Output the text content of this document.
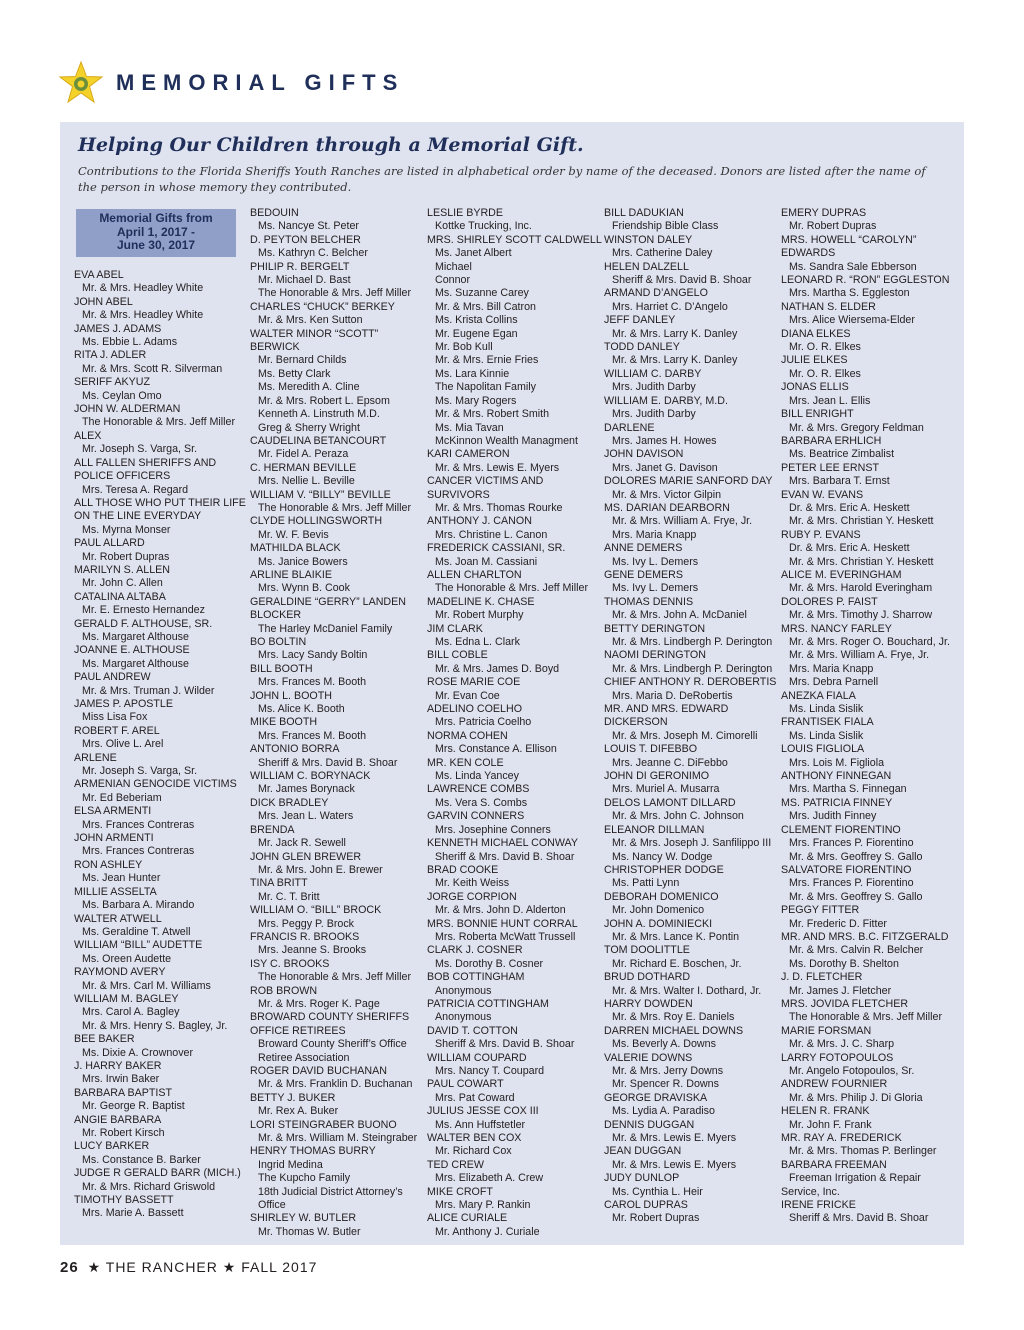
MEMORIAL GIFTS
Helping Our Children through a Memorial Gift.
Contributions to the Florida Sheriffs Youth Ranches are listed in alphabetical order by name of the deceased. Donors are listed after the name of the person in whose memory they contributed.
Memorial Gifts from
April 1, 2017 -
June 30, 2017
EVA ABEL
Mr. & Mrs. Headley White
JOHN ABEL
Mr. & Mrs. Headley White
JAMES J. ADAMS
Ms. Ebbie L. Adams
RITA J. ADLER
Mr. & Mrs. Scott R. Silverman
SERIFF AKYUZ
Ms. Ceylan Omo
JOHN W. ALDERMAN
The Honorable & Mrs. Jeff Miller
ALEX
Mr. Joseph S. Varga, Sr.
ALL FALLEN SHERIFFS AND
POLICE OFFICERS
Mrs. Teresa A. Regard
ALL THOSE WHO PUT THEIR LIFE
ON THE LINE EVERYDAY
Ms. Myrna Monser
PAUL ALLARD
Mr. Robert Dupras
MARILYN S. ALLEN
Mr. John C. Allen
CATALINA ALTABA
Mr. E. Ernesto Hernandez
GERALD F. ALTHOUSE, SR.
Ms. Margaret Althouse
JOANNE E. ALTHOUSE
Ms. Margaret Althouse
PAUL ANDREW
Mr. & Mrs. Truman J. Wilder
JAMES P. APOSTLE
Miss Lisa Fox
ROBERT F. AREL
Mrs. Olive L. Arel
ARLENE
Mr. Joseph S. Varga, Sr.
ARMENIAN GENOCIDE VICTIMS
Mr. Ed Beberiam
ELSA ARMENTI
Mrs. Frances Contreras
JOHN ARMENTI
Mrs. Frances Contreras
RON ASHLEY
Ms. Jean Hunter
MILLIE ASSELTA
Ms. Barbara A. Mirando
WALTER ATWELL
Ms. Geraldine T. Atwell
WILLIAM “BILL” AUDETTE
Ms. Oreen Audette
RAYMOND AVERY
Mr. & Mrs. Carl M. Williams
WILLIAM M. BAGLEY
Mrs. Carol A. Bagley
Mr. & Mrs. Henry S. Bagley, Jr.
BEE BAKER
Ms. Dixie A. Crownover
J. HARRY BAKER
Mrs. Irwin Baker
BARBARA BAPTIST
Mr. George R. Baptist
ANGIE BARBARA
Mr. Robert Kirsch
LUCY BARKER
Ms. Constance B. Barker
JUDGE R GERALD BARR (MICH.)
Mr. & Mrs. Richard Griswold
TIMOTHY BASSETT
Mrs. Marie A. Bassett
BEDOUIN
Ms. Nancye St. Peter
D. PEYTON BELCHER
Ms. Kathryn C. Belcher
PHILIP R. BERGELT
Mr. Michael D. Bast
The Honorable & Mrs. Jeff Miller
CHARLES “CHUCK” BERKEY
Mr. & Mrs. Ken Sutton
WALTER MINOR “SCOTT”
BERWICK
Mr. Bernard Childs
Ms. Betty Clark
Ms. Meredith A. Cline
Mr. & Mrs. Robert L. Epsom
Kenneth A. Linstruth M.D.
Greg & Sherry Wright
CAUDELINA BETANCOURT
Mr. Fidel A. Peraza
C. HERMAN BEVILLE
Mrs. Nellie L. Beville
WILLIAM V. “BILLY” BEVILLE
The Honorable & Mrs. Jeff Miller
CLYDE HOLLINGSWORTH
Mr. W. F. Bevis
MATHILDA BLACK
Ms. Janice Bowers
ARLINE BLAIKIE
Mrs. Wynn B. Cook
GERALDINE “GERRY” LANDEN
BLOCKER
The Harley McDaniel Family
BO BOLTIN
Mrs. Lacy Sandy Boltin
BILL BOOTH
Mrs. Frances M. Booth
JOHN L. BOOTH
Ms. Alice K. Booth
MIKE BOOTH
Mrs. Frances M. Booth
ANTONIO BORRA
Sheriff & Mrs. David B. Shoar
WILLIAM C. BORYNACK
Mr. James Borynack
DICK BRADLEY
Mrs. Jean L. Waters
BRENDA
Mr. Jack R. Sewell
JOHN GLEN BREWER
Mr. & Mrs. John E. Brewer
TINA BRITT
Mr. C. T. Britt
WILLIAM O. “BILL” BROCK
Mrs. Peggy P. Brock
FRANCIS R. BROOKS
Mrs. Jeanne S. Brooks
ISY C. BROOKS
The Honorable & Mrs. Jeff Miller
ROB BROWN
Mr. & Mrs. Roger K. Page
BROWARD COUNTY SHERIFFS
OFFICE RETIREES
Broward County Sheriff’s Office
Retiree Association
ROGER DAVID BUCHANAN
Mr. & Mrs. Franklin D. Buchanan
BETTY J. BUKER
Mr. Rex A. Buker
LORI STEINGRABER BUONO
Mr. & Mrs. William M. Steingraber
HENRY THOMAS BURRY
Ingrid Medina
The Kupcho Family
18th Judicial District Attorney’s
Office
SHIRLEY W. BUTLER
Mr. Thomas W. Butler
LESLIE BYRDE
Kottke Trucking, Inc.
MRS. SHIRLEY SCOTT CALDWELL
Ms. Janet Albert
Michael
Connor
Ms. Suzanne Carey
Mr. & Mrs. Bill Catron
Ms. Krista Collins
Mr. Eugene Egan
Mr. Bob Kull
Mr. & Mrs. Ernie Fries
Ms. Lara Kinnie
The Napolitan Family
Ms. Mary Rogers
Mr. & Mrs. Robert Smith
Ms. Mia Tavan
McKinnon Wealth Managment
KARI CAMERON
Mr. & Mrs. Lewis E. Myers
CANCER VICTIMS AND
SURVIVORS
Mr. & Mrs. Thomas Rourke
ANTHONY J. CANON
Mrs. Christine L. Canon
FREDERICK CASSIANI, SR.
Ms. Joan M. Cassiani
ALLEN CHARLTON
The Honorable & Mrs. Jeff Miller
MADELINE K. CHASE
Mr. Robert Murphy
JIM CLARK
Ms. Edna L. Clark
BILL COBLE
Mr. & Mrs. James D. Boyd
ROSE MARIE COE
Mr. Evan Coe
ADELINO COELHO
Mrs. Patricia Coelho
NORMA COHEN
Mrs. Constance A. Ellison
MR. KEN COLE
Ms. Linda Yancey
LAWRENCE COMBS
Ms. Vera S. Combs
GARVIN CONNERS
Mrs. Josephine Conners
KENNETH MICHAEL CONWAY
Sheriff & Mrs. David B. Shoar
BRAD COOKE
Mr. Keith Weiss
JORGE CORPION
Mr. & Mrs. John D. Alderton
MRS. BONNIE HUNT CORRAL
Mrs. Roberta McWatt Trussell
CLARK J. COSNER
Ms. Dorothy B. Cosner
BOB COTTINGHAM
Anonymous
PATRICIA COTTINGHAM
Anonymous
DAVID T. COTTON
Sheriff & Mrs. David B. Shoar
WILLIAM COUPARD
Mrs. Nancy T. Coupard
PAUL COWART
Mrs. Pat Coward
JULIUS JESSE COX III
Ms. Ann Huffstetler
WALTER BEN COX
Mr. Richard Cox
TED CREW
Mrs. Elizabeth A. Crew
MIKE CROFT
Mrs. Mary P. Rankin
ALICE CURIALE
Mr. Anthony J. Curiale
BILL DADUKIAN
Friendship Bible Class
WINSTON DALEY
Mrs. Catherine Daley
HELEN DALZELL
Sheriff & Mrs. David B. Shoar
ARMAND D’ANGELO
Mrs. Harriet C. D’Angelo
JEFF DANLEY
Mr. & Mrs. Larry K. Danley
TODD DANLEY
Mr. & Mrs. Larry K. Danley
WILLIAM C. DARBY
Mrs. Judith Darby
WILLIAM E. DARBY, M.D.
Mrs. Judith Darby
DARLENE
Mrs. James H. Howes
JOHN DAVISON
Mrs. Janet G. Davison
DOLORES MARIE SANFORD DAY
Mr. & Mrs. Victor Gilpin
MS. DARIAN DEARBORN
Mr. & Mrs. William A. Frye, Jr.
Mrs. Maria Knapp
ANNE DEMERS
Ms. Ivy L. Demers
GENE DEMERS
Ms. Ivy L. Demers
THOMAS DENNIS
Mr. & Mrs. John A. McDaniel
BETTY DERINGTON
Mr. & Mrs. Lindbergh P. Derington
NAOMI DERINGTON
Mr. & Mrs. Lindbergh P. Derington
CHIEF ANTHONY R. DEROBERTIS
Mrs. Maria D. DeRobertis
MR. AND MRS. EDWARD
DICKERSON
Mr. & Mrs. Joseph M. Cimorelli
LOUIS T. DIFEBBO
Mrs. Jeanne C. DiFebbo
JOHN DI GERONIMO
Mrs. Muriel A. Musarra
DELOS LAMONT DILLARD
Mr. & Mrs. John C. Johnson
ELEANOR DILLMAN
Mr. & Mrs. Joseph J. Sanfilippo III
Ms. Nancy W. Dodge
CHRISTOPHER DODGE
Ms. Patti Lynn
DEBORAH DOMENICO
Mr. John Domenico
JOHN A. DOMINIECKI
Mr. & Mrs. Lance K. Pontin
TOM DOOLITTLE
Mr. Richard E. Boschen, Jr.
BRUD DOTHARD
Mr. & Mrs. Walter I. Dothard, Jr.
HARRY DOWDEN
Mr. & Mrs. Roy E. Daniels
DARREN MICHAEL DOWNS
Ms. Beverly A. Downs
VALERIE DOWNS
Mr. & Mrs. Jerry Downs
Mr. Spencer R. Downs
GEORGE DRAVISKA
Ms. Lydia A. Paradiso
DENNIS DUGGAN
Mr. & Mrs. Lewis E. Myers
JEAN DUGGAN
Mr. & Mrs. Lewis E. Myers
JUDY DUNLOP
Ms. Cynthia L. Heir
CAROL DUPRAS
Mr. Robert Dupras
EMERY DUPRAS
Mr. Robert Dupras
MRS. HOWELL “CAROLYN”
EDWARDS
Ms. Sandra Sale Ebberson
LEONARD R. “RON” EGGLESTON
Mrs. Martha S. Eggleston
NATHAN S. ELDER
Mrs. Alice Wiersema-Elder
DIANA ELKES
Mr. O. R. Elkes
JULIE ELKES
Mr. O. R. Elkes
JONAS ELLIS
Mrs. Jean L. Ellis
BILL ENRIGHT
Mr. & Mrs. Gregory Feldman
BARBARA ERHLICH
Ms. Beatrice Zimbalist
PETER LEE ERNST
Mrs. Barbara T. Ernst
EVAN W. EVANS
Dr. & Mrs. Eric A. Heskett
Mr. & Mrs. Christian Y. Heskett
RUBY P. EVANS
Dr. & Mrs. Eric A. Heskett
Mr. & Mrs. Christian Y. Heskett
ALICE M. EVERINGHAM
Mr. & Mrs. Harold Everingham
DOLORES P. FAIST
Mr. & Mrs. Timothy J. Sharrow
MRS. NANCY FARLEY
Mr. & Mrs. Roger O. Bouchard, Jr.
Mr. & Mrs. William A. Frye, Jr.
Mrs. Maria Knapp
Mrs. Debra Parnell
ANEZKA FIALA
Ms. Linda Sislik
FRANTISEK FIALA
Ms. Linda Sislik
LOUIS FIGLIOLA
Mrs. Lois M. Figliola
ANTHONY FINNEGAN
Mrs. Martha S. Finnegan
MS. PATRICIA FINNEY
Mrs. Judith Finney
CLEMENT FIORENTINO
Mrs. Frances P. Fiorentino
Mr. & Mrs. Geoffrey S. Gallo
SALVATORE FIORENTINO
Mrs. Frances P. Fiorentino
Mr. & Mrs. Geoffrey S. Gallo
PEGGY FITTER
Mr. Frederic D. Fitter
MR. AND MRS. B.C. FITZGERALD
Mr. & Mrs. Calvin R. Belcher
Ms. Dorothy B. Shelton
J. D. FLETCHER
Mr. James J. Fletcher
MRS. JOVIDA FLETCHER
The Honorable & Mrs. Jeff Miller
MARIE FORSMAN
Mr. & Mrs. J. C. Sharp
LARRY FOTOPOULOS
Mr. Angelo Fotopoulos, Sr.
ANDREW FOURNIER
Mr. & Mrs. Philip J. Di Gloria
HELEN R. FRANK
Mr. John F. Frank
MR. RAY A. FREDERICK
Mr. & Mrs. Thomas P. Berlinger
BARBARA FREEMAN
Freeman Irrigation & Repair
Service, Inc.
IRENE FRICKE
Sheriff & Mrs. David B. Shoar
26 ★ THE RANCHER ★ FALL 2017
